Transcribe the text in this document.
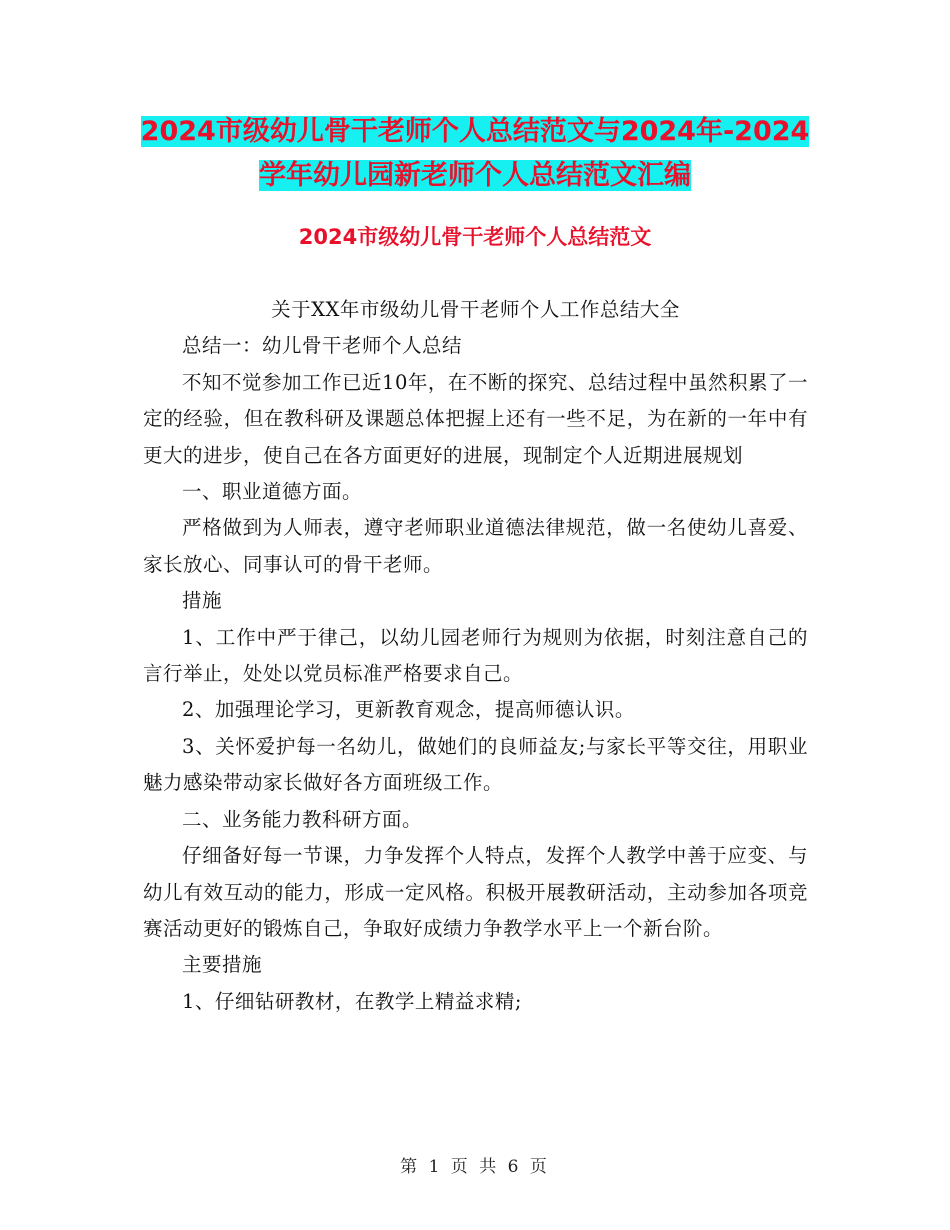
2024市级幼儿骨干老师个人总结范文与2024年-2024
学年幼儿园新老师个人总结范文汇编
2024市级幼儿骨干老师个人总结范文

关于XX年市级幼儿骨干老师个人工作总结大全

总结一：幼儿骨干老师个人总结

不知不觉参加工作已近10年，在不断的探究、总结过程中虽然积累了一定的经验，但在教科研及课题总体把握上还有一些不足，为在新的一年中有更大的进步，使自己在各方面更好的进展，现制定个人近期进展规划

一、职业道德方面。

严格做到为人师表，遵守老师职业道德法律规范，做一名使幼儿喜爱、家长放心、同事认可的骨干老师。

措施

1、工作中严于律己，以幼儿园老师行为规则为依据，时刻注意自己的言行举止，处处以党员标准严格要求自己。

2、加强理论学习，更新教育观念，提高师德认识。

3、关怀爱护每一名幼儿，做她们的良师益友;与家长平等交往，用职业魅力感染带动家长做好各方面班级工作。

二、业务能力教科研方面。

仔细备好每一节课，力争发挥个人特点，发挥个人教学中善于应变、与幼儿有效互动的能力，形成一定风格。积极开展教研活动，主动参加各项竞赛活动更好的锻炼自己，争取好成绩力争教学水平上一个新台阶。

主要措施

1、仔细钻研教材，在教学上精益求精;

第 1 页 共 6 页
